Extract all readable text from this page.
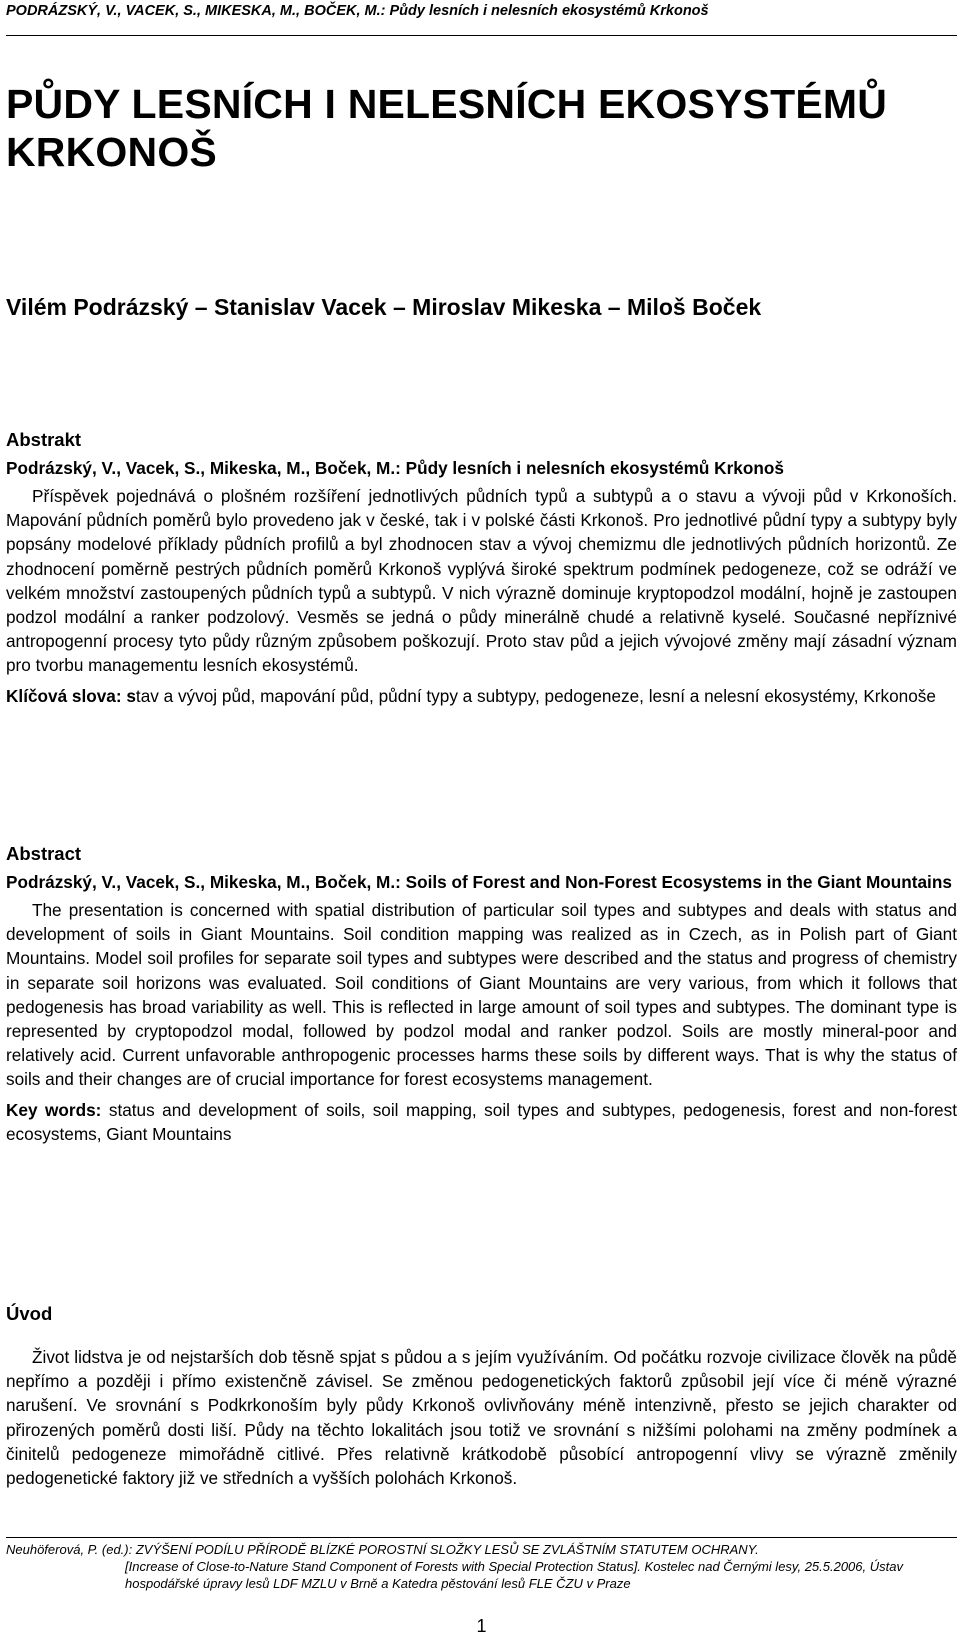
PODRÁZSKÝ, V., VACEK, S., MIKESKA, M., BOČEK, M.: Půdy lesních i nelesních ekosystémů Krkonoš
PŮDY LESNÍCH I NELESNÍCH EKOSYSTÉMŮ KRKONOŠ
Vilém Podrázský – Stanislav Vacek – Miroslav Mikeska – Miloš Boček
Abstrakt

Podrázský, V., Vacek, S., Mikeska, M., Boček, M.: Půdy lesních i nelesních ekosystémů Krkonoš

Příspěvek pojednává o plošném rozšíření jednotlivých půdních typů a subtypů a o stavu a vývoji půd v Krkonoších. Mapování půdních poměrů bylo provedeno jak v české, tak i v polské části Krkonoš. Pro jednotlivé půdní typy a subtypy byly popsány modelové příklady půdních profilů a byl zhodnocen stav a vývoj chemizmu dle jednotlivých půdních horizontů. Ze zhodnocení poměrně pestrých půdních poměrů Krkonoš vyplývá široké spektrum podmínek pedogeneze, což se odráží ve velkém množství zastoupených půdních typů a subtypů. V nich výrazně dominuje kryptopodzol modální, hojně je zastoupen podzol modální a ranker podzolový. Vesměs se jedná o půdy minerálně chudé a relativně kyselé. Současné nepříznivé antropogenní procesy tyto půdy různým způsobem poškozují. Proto stav půd a jejich vývojové změny mají zásadní význam pro tvorbu managementu lesních ekosystémů.

Klíčová slova: stav a vývoj půd, mapování půd, půdní typy a subtypy, pedogeneze, lesní a nelesní ekosystémy, Krkonoše

Abstract

Podrázský, V., Vacek, S., Mikeska, M., Boček, M.: Soils of Forest and Non-Forest Ecosystems in the Giant Mountains

The presentation is concerned with spatial distribution of particular soil types and subtypes and deals with status and development of soils in Giant Mountains. Soil condition mapping was realized as in Czech, as in Polish part of Giant Mountains. Model soil profiles for separate soil types and subtypes were described and the status and progress of chemistry in separate soil horizons was evaluated. Soil conditions of Giant Mountains are very various, from which it follows that pedogenesis has broad variability as well. This is reflected in large amount of soil types and subtypes. The dominant type is represented by cryptopodzol modal, followed by podzol modal and ranker podzol. Soils are mostly mineral-poor and relatively acid. Current unfavorable anthropogenic processes harms these soils by different ways. That is why the status of soils and their changes are of crucial importance for forest ecosystems management.

Key words: status and development of soils, soil mapping, soil types and subtypes, pedogenesis, forest and non-forest ecosystems, Giant Mountains

Úvod

Život lidstva je od nejstarších dob těsně spjat s půdou a s jejím využíváním. Od počátku rozvoje civilizace člověk na půdě nepřímo a později i přímo existenčně závisel. Se změnou pedogenetických faktorů způsobil její více či méně výrazné narušení. Ve srovnání s Podkrkonoším byly půdy Krkonoš ovlivňovány méně intenzivně, přesto se jejich charakter od přirozených poměrů dosti liší. Půdy na těchto lokalitách jsou totiž ve srovnání s nižšími polohami na změny podmínek a činitelů pedogeneze mimořádně citlivé. Přes relativně krátkodobě působící antropogenní vlivy se výrazně změnily pedogenetické faktory již ve středních a vyšších polohách Krkonoš.

Neuhöferová, P. (ed.): ZVÝŠENÍ PODÍLU PŘÍRODĚ BLÍZKÉ POROSTNÍ SLOŽKY LESŮ SE ZVLÁŠTNÍM STATUTEM OCHRANY.
[Increase of Close-to-Nature Stand Component of Forests with Special Protection Status]. Kostelec nad Černými lesy, 25.5.2006, Ústav hospodářské úpravy lesů LDF MZLU v Brně a Katedra pěstování lesů FLE ČZU v Praze
1
